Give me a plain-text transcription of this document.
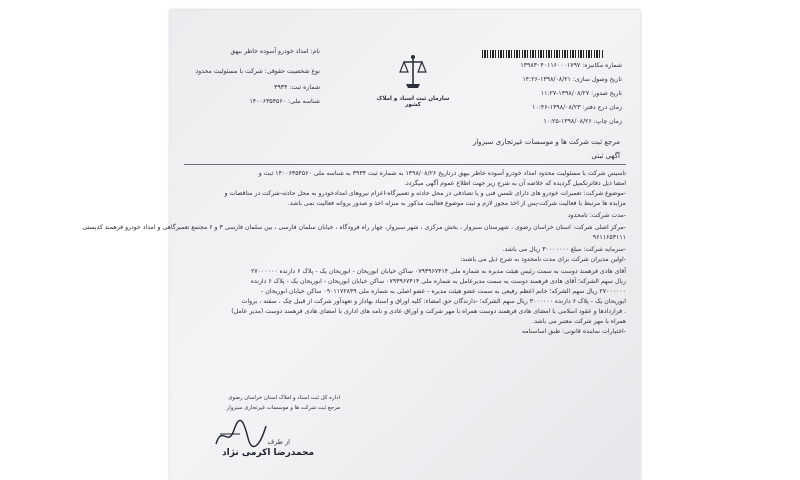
شماره مکانیزه: ۱۳۹۸۳۰۴۰۱۱۶۰۰۰۱۷۹۷
تاریخ وصول سازی: ۱۳۹۸/۰۸/۲۱-۱۴:۲۶
تاریخ صدور: ۱۳۹۸/۰۸/۲۷-۱۱:۲۷
زمان درج دفتر: ۱۳۹۸/۰۸/۲۳-۱۰:۴۶
زمان چاپ: ۱۳۹۸/۰۸/۲۶-۱۰:۲۵
سازمان ثبت اسناد و املاک کشور
نام: امداد خودرو آسوده خاطر بیهق
نوع شخصیت حقوقی: شرکت با مسئولیت محدود
شماره ثبت: ۳۹۳۴
شناسه ملی: ۱۴۰۰۶۳۵۴۵۶۰
مرجع ثبت شرکت ها و موسسات غیرتجاری سبزوار
آگهی ثبتی
تاسیس شرکت با مسئولیت محدود امداد خودرو آسوده خاطر بیهق درتاریخ ۱۳۹۸/۰۸/۲۶ به شماره ثبت ۳۹۳۴ به شناسه ملی ۱۴۰۰۶۳۵۴۵۶۰ ثبت و
امضا ذیل دفاترتکمیل گردیده که خلاصه آن به شرح زیر جهت اطلاع عموم آگهی میگردد.
-موضوع شرکت: تعمیرات خودرو های دارای تلمس فنی و یا تصادفی در محل حادثه و تعمیرگاه-اعزام نیروهای امدادخودرو به محل حادثه-شرکت در مناقصات و
مزایده ها مرتبط با فعالیت شرکت-پس از اخذ مجوز لازم و ثبت موضوع فعالیت مذکور به منزله اخذ و صدور پروانه فعالیت نمی باشد.
-مدت شرکت: نامحدود
-مرکز اصلی شرکت: استان خراسان رضوی ، شهرستان سبزوار ، بخش مرکزی ، شهر سبزوار، چهار راه فرودگاه ، خیابان سلمان فارسی ، بین سلمان فارسی ۳ و ۶ مجتمع تعمیرگاهی و امداد خودرو فرهمند کدپستی
۹۶۱۱۶۵۳۱۱۱
-سرمایه شرکت: مبلغ ۳۰۰۰۰۰۰۰ ریال می باشد.
-اولین مدیران شرکت برای مدت نامحدود به شرح ذیل می باشند:
آقای هادی فرهمند دوست به سمت رئیس هیئت مدیره به شماره ملی ۰۷۹۳۹۶۷۴۱۴ ساکن خیابان ابوریحان - ابوریحان یک - پلاک ۶ دارنده ۲۷۰۰۰۰۰۰
ریال سهم الشرکه؛ آقای هادی فرهمند دوست به سمت مدیرعامل به شماره ملی ۰۷۹۳۹۶۷۴۱۴ ساکن خیابان ابوریحان - ابوریحان یک - پلاک ۶ دارنده
۲۷۰۰۰۰۰۰ ریال سهم الشرکه؛ خانم اعظم رفیعی به سمت عضو هیئت مدیره - عضو اصلی به شماره ملی ۰۹۰۱۱۷۲۸۴۹ ساکن خیابان ابوریحان -
ابوریحان یک - پلاک ۶ دارنده ۳۰۰۰۰۰۰ ریال سهم الشرکه؛ -دارندگان حق امضاء: کلیه اوراق و اسناد بهادار و تعهدآور شرکت از قبیل چک ، سفته ، بروات
. قراردادها و عقود اسلامی با امضای هادی فرهمند دوست همراه با مهر شرکت و اوراق عادی و نامه های اداری با امضای هادی فرهمند دوست (مدیر عامل)
همراه با مهر شرکت معتبر می باشد.
-اختیارات نماینده قانونی: طبق اساسنامه
اداره کل ثبت اسناد و املاک استان خراسان رضوی
مرجع ثبت شرکت ها و موسسات غیرتجاری سبزوار
از طرف
محمدرضا اکرمی نژاد
